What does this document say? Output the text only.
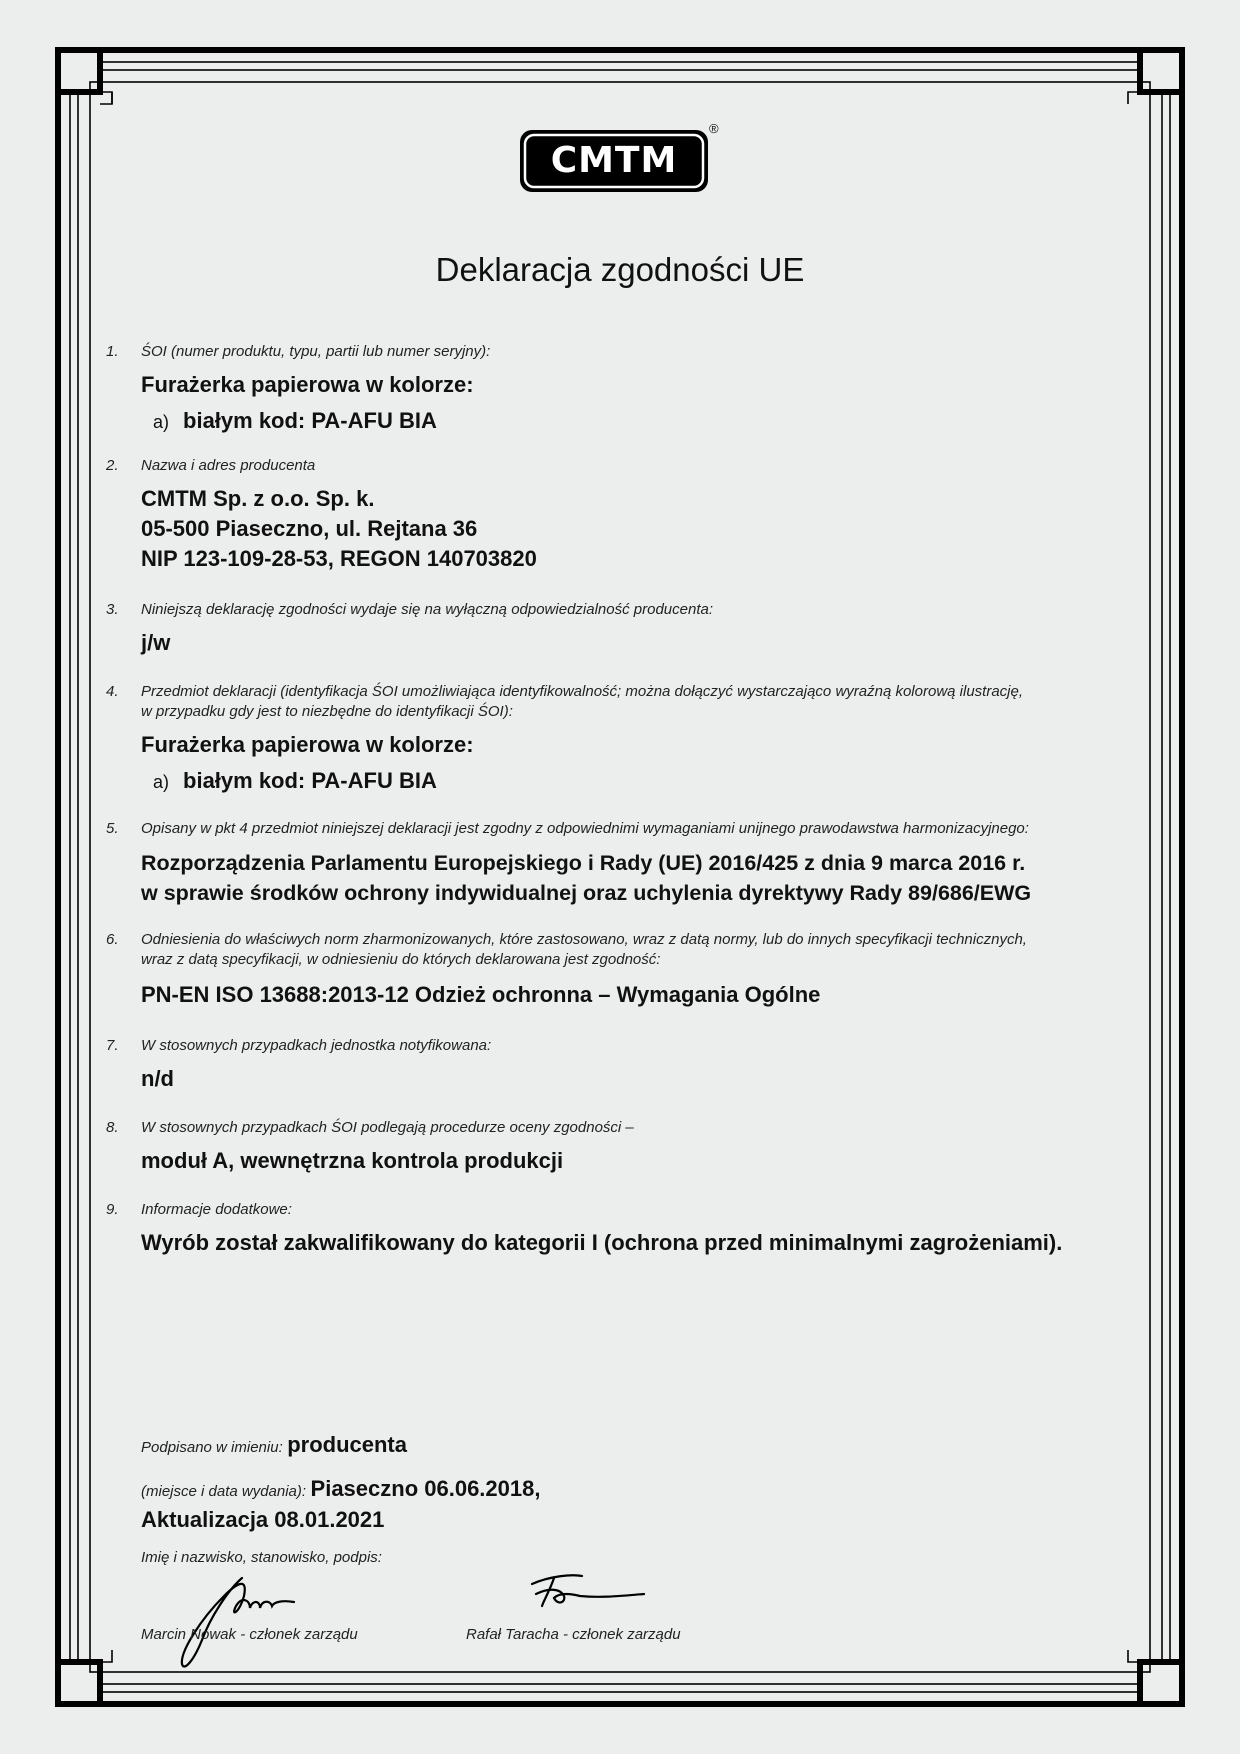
CMTM
®
Deklaracja zgodności UE
1. ŚOI (numer produktu, typu, partii lub numer seryjny):
Furażerka papierowa w kolorze:
a) białym kod: PA-AFU BIA
2. Nazwa i adres producenta
CMTM Sp. z o.o. Sp. k.
05-500 Piaseczno, ul. Rejtana 36
NIP 123-109-28-53, REGON 140703820
3. Niniejszą deklarację zgodności wydaje się na wyłączną odpowiedzialność producenta:
j/w
4. Przedmiot deklaracji (identyfikacja ŚOI umożliwiająca identyfikowalność; można dołączyć wystarczająco wyraźną kolorową ilustrację,
w przypadku gdy jest to niezbędne do identyfikacji ŚOI):
Furażerka papierowa w kolorze:
a) białym kod: PA-AFU BIA
5. Opisany w pkt 4 przedmiot niniejszej deklaracji jest zgodny z odpowiednimi wymaganiami unijnego prawodawstwa harmonizacyjnego:
Rozporządzenia Parlamentu Europejskiego i Rady (UE) 2016/425 z dnia 9 marca 2016 r.
w sprawie środków ochrony indywidualnej oraz uchylenia dyrektywy Rady 89/686/EWG
6. Odniesienia do właściwych norm zharmonizowanych, które zastosowano, wraz z datą normy, lub do innych specyfikacji technicznych,
wraz z datą specyfikacji, w odniesieniu do których deklarowana jest zgodność:
PN-EN ISO 13688:2013-12 Odzież ochronna – Wymagania Ogólne
7. W stosownych przypadkach jednostka notyfikowana:
n/d
8. W stosownych przypadkach ŚOI podlegają procedurze oceny zgodności –
moduł A, wewnętrzna kontrola produkcji
9. Informacje dodatkowe:
Wyrób został zakwalifikowany do kategorii I (ochrona przed minimalnymi zagrożeniami).
Podpisano w imieniu: producenta
(miejsce i data wydania): Piaseczno 06.06.2018,
Aktualizacja 08.01.2021
Imię i nazwisko, stanowisko, podpis:
Marcin Nowak - członek zarządu	Rafał Taracha - członek zarządu
